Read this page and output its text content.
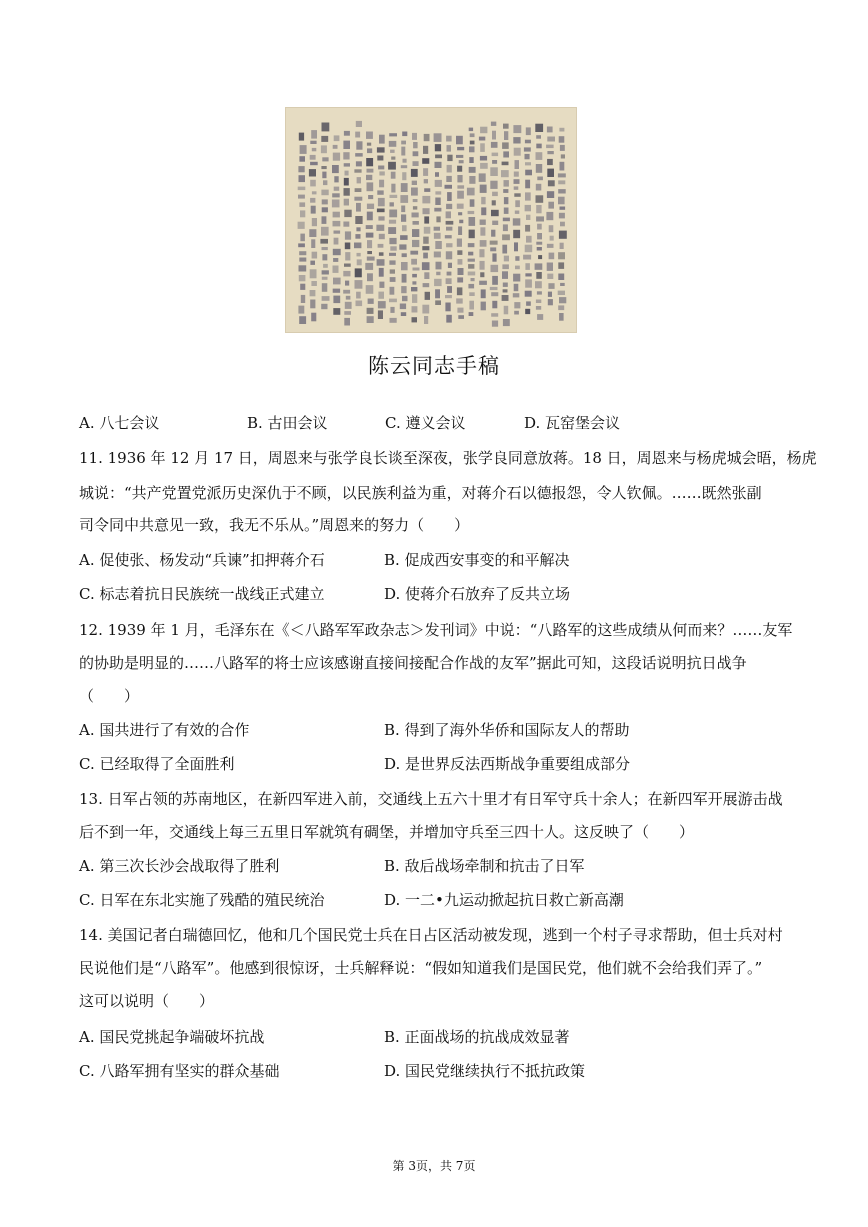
陈云同志手稿
A. 八七会议	B. 古田会议	C. 遵义会议	D. 瓦窑堡会议
11. 1936 年 12 月 17 日，周恩来与张学良长谈至深夜，张学良同意放蒋。18 日，周恩来与杨虎城会晤，杨虎
城说：“共产党置党派历史深仇于不顾，以民族利益为重，对蒋介石以德报怨，令人钦佩。……既然张副
司令同中共意见一致，我无不乐从。”周恩来的努力（　　）
A. 促使张、杨发动“兵谏”扣押蒋介石	B. 促成西安事变的和平解决
C. 标志着抗日民族统一战线正式建立	D. 使蒋介石放弃了反共立场
12. 1939 年 1 月，毛泽东在《＜八路军军政杂志＞发刊词》中说：“八路军的这些成绩从何而来？……友军
的协助是明显的……八路军的将士应该感谢直接间接配合作战的友军”据此可知，这段话说明抗日战争
（　　）
A. 国共进行了有效的合作	B. 得到了海外华侨和国际友人的帮助
C. 已经取得了全面胜利	D. 是世界反法西斯战争重要组成部分
13. 日军占领的苏南地区，在新四军进入前，交通线上五六十里才有日军守兵十余人；在新四军开展游击战
后不到一年，交通线上每三五里日军就筑有碉堡，并增加守兵至三四十人。这反映了（　　）
A. 第三次长沙会战取得了胜利	B. 敌后战场牵制和抗击了日军
C. 日军在东北实施了残酷的殖民统治	D. 一二•九运动掀起抗日救亡新高潮
14. 美国记者白瑞德回忆，他和几个国民党士兵在日占区活动被发现，逃到一个村子寻求帮助，但士兵对村
民说他们是“八路军”。他感到很惊讶，士兵解释说：“假如知道我们是国民党，他们就不会给我们弄了。”
这可以说明（　　）
A. 国民党挑起争端破坏抗战	B. 正面战场的抗战成效显著
C. 八路军拥有坚实的群众基础	D. 国民党继续执行不抵抗政策
第 3页，共 7页
